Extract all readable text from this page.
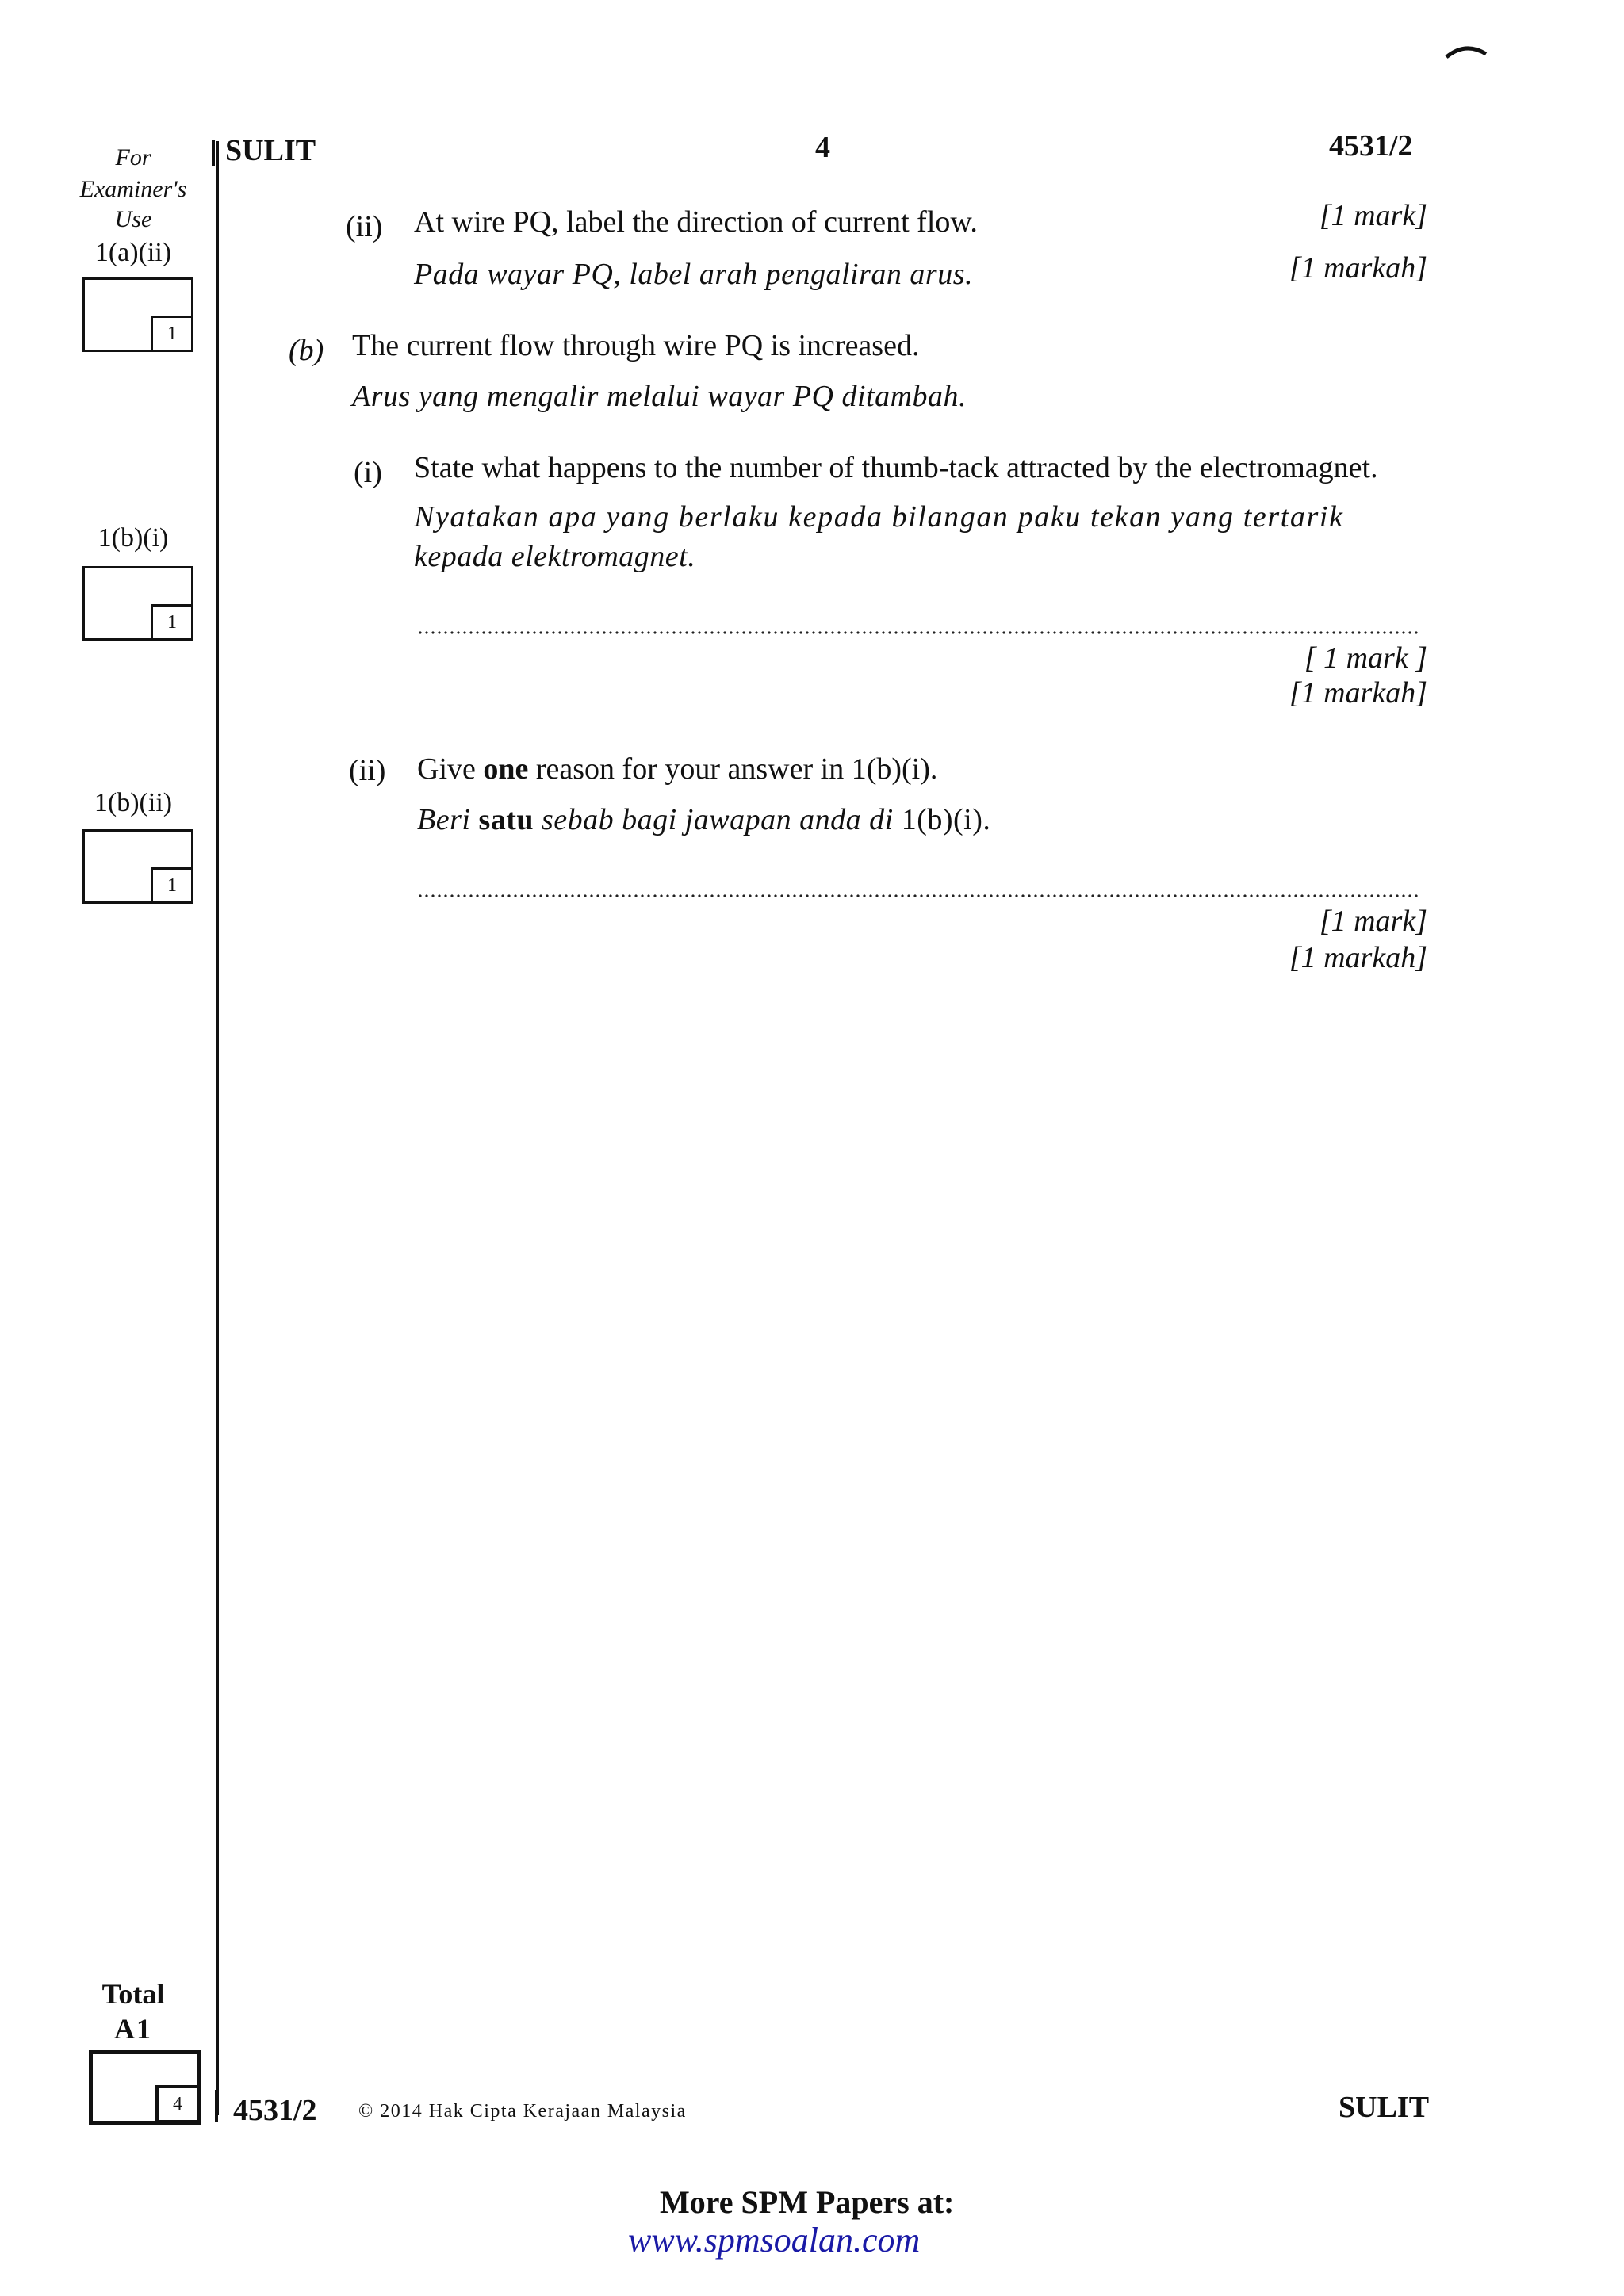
SULIT	4	4531/2
For
Examiner's
Use
1(a)(ii)
1
1(b)(i)
1
1(b)(ii)
1
Total
A1
4
(ii) At wire PQ, label the direction of current flow.
Pada wayar PQ, label arah pengaliran arus.
[1 mark]
[1 markah]
(b) The current flow through wire PQ is increased.
Arus yang mengalir melalui wayar PQ ditambah.
(i) State what happens to the number of thumb-tack attracted by the electromagnet.
Nyatakan apa yang berlaku kepada bilangan paku tekan yang tertarik
kepada elektromagnet.
[ 1 mark ]
[1 markah]
(ii) Give one reason for your answer in 1(b)(i).
Beri satu sebab bagi jawapan anda di 1(b)(i).
[1 mark]
[1 markah]
4531/2 © 2014 Hak Cipta Kerajaan Malaysia	SULIT
More SPM Papers at:
www.spmsoalan.com
